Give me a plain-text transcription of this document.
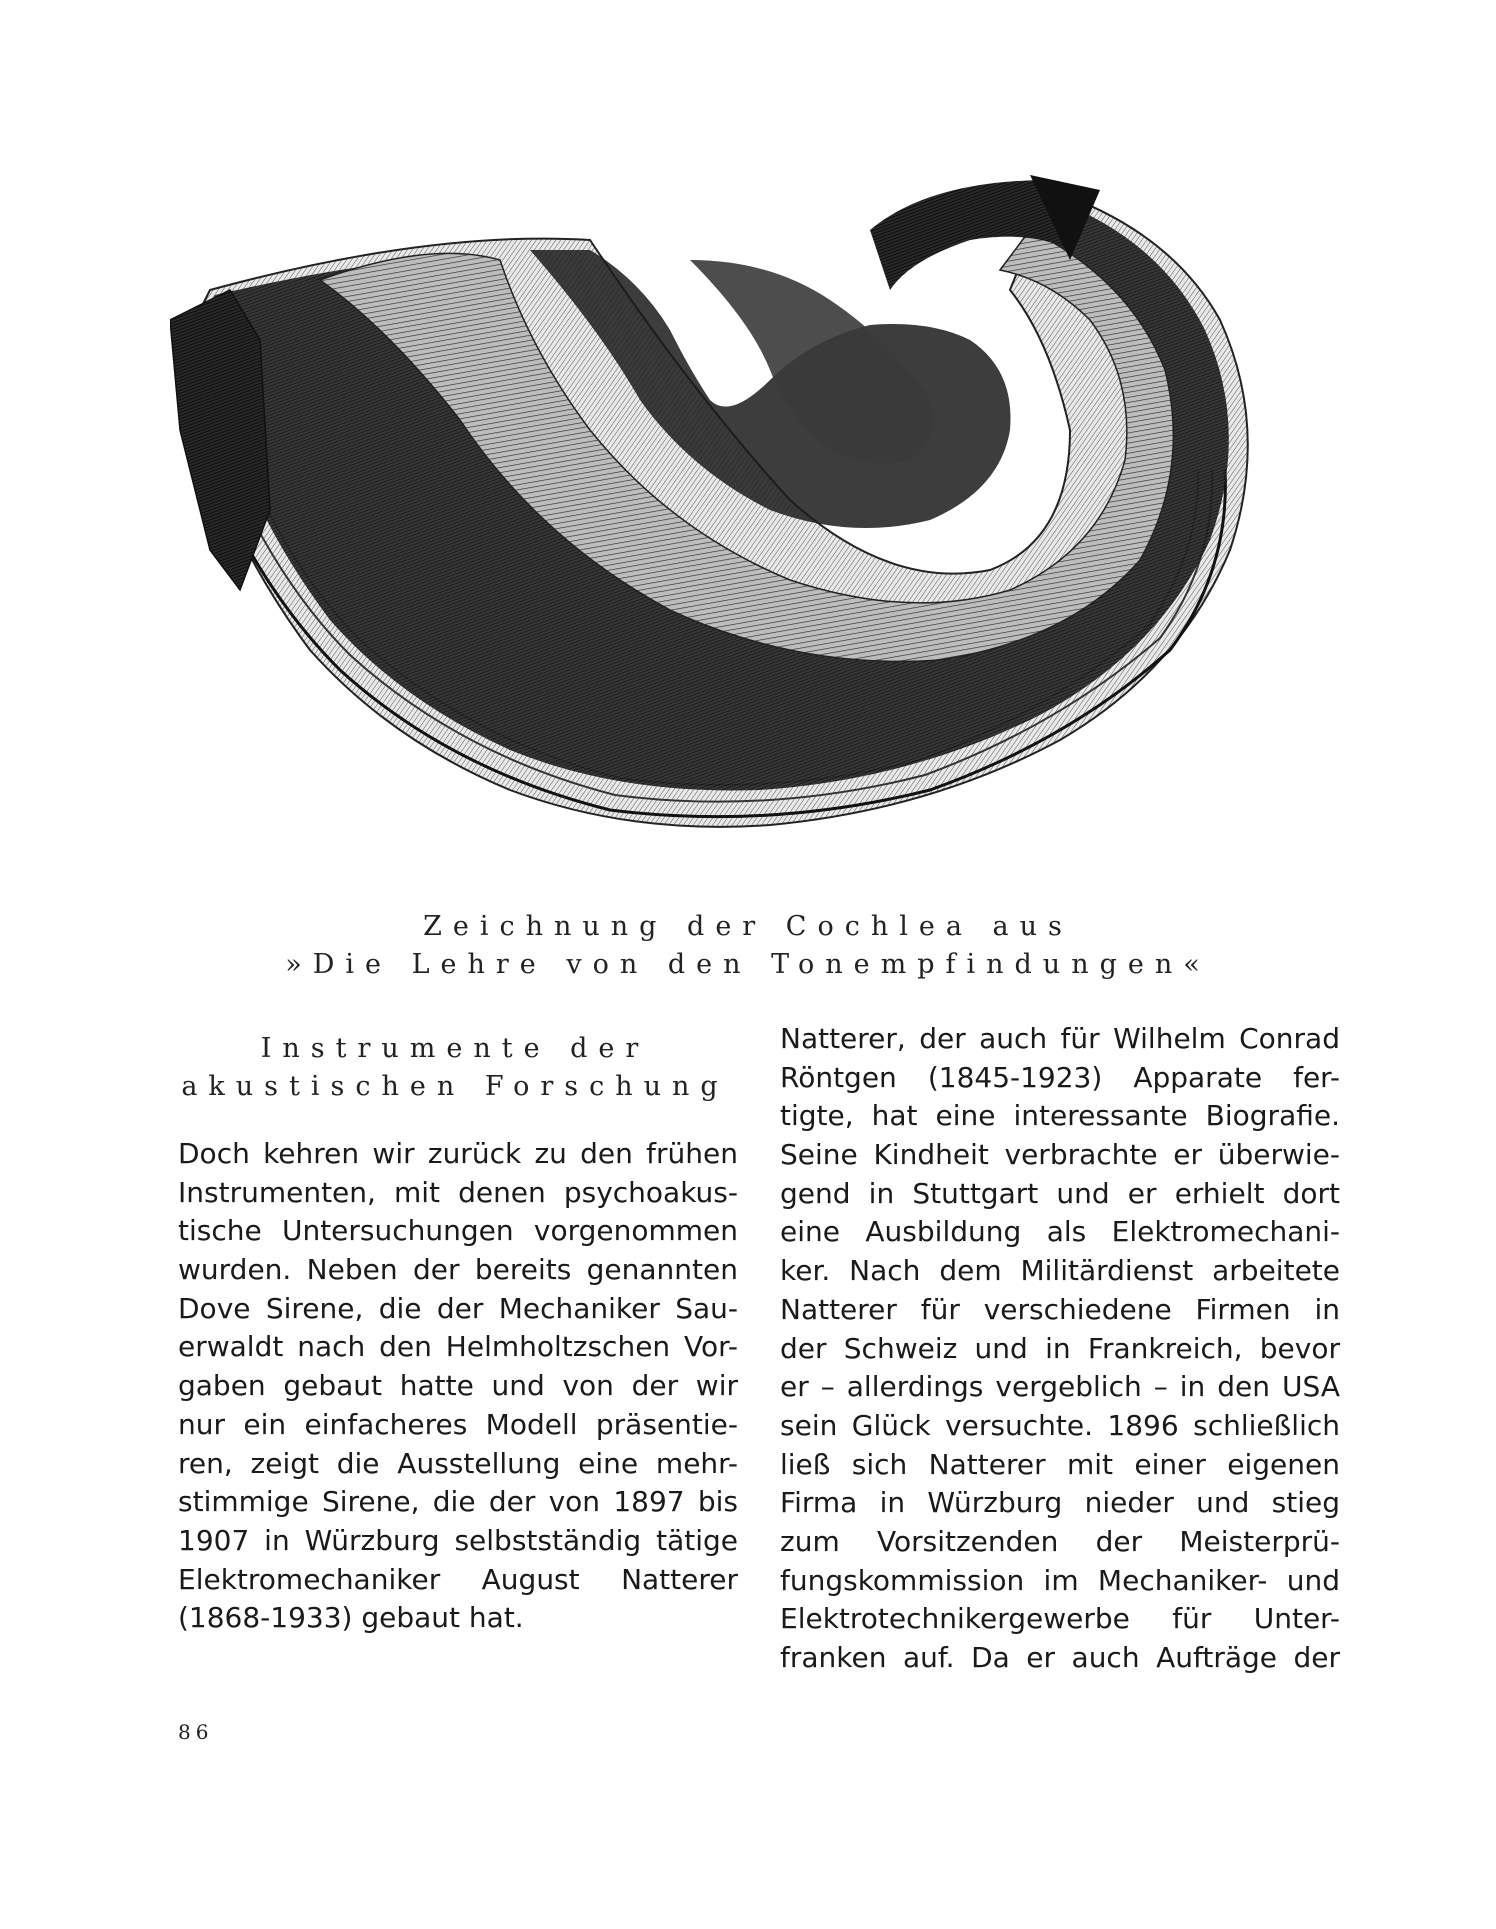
Zeichnung der Cochlea aus
»Die Lehre von den Tonempfindungen«
Instrumente der
akustischen Forschung
Doch kehren wir zurück zu den frühen
Instrumenten, mit denen psychoakus-
tische Untersuchungen vorgenommen
wurden. Neben der bereits genannten
Dove Sirene, die der Mechaniker Sau-
erwaldt nach den Helmholtzschen Vor-
gaben gebaut hatte und von der wir
nur ein einfacheres Modell präsentie-
ren, zeigt die Ausstellung eine mehr-
stimmige Sirene, die der von 1897 bis
1907 in Würzburg selbstständig tätige
Elektromechaniker August Natterer
(1868-1933) gebaut hat.
Natterer, der auch für Wilhelm Conrad
Röntgen (1845-1923) Apparate fer-
tigte, hat eine interessante Biografie.
Seine Kindheit verbrachte er überwie-
gend in Stuttgart und er erhielt dort
eine Ausbildung als Elektromechani-
ker. Nach dem Militärdienst arbeitete
Natterer für verschiedene Firmen in
der Schweiz und in Frankreich, bevor
er – allerdings vergeblich – in den USA
sein Glück versuchte. 1896 schließlich
ließ sich Natterer mit einer eigenen
Firma in Würzburg nieder und stieg
zum Vorsitzenden der Meisterprü-
fungskommission im Mechaniker- und
Elektrotechnikergewerbe für Unter-
franken auf. Da er auch Aufträge der
86
